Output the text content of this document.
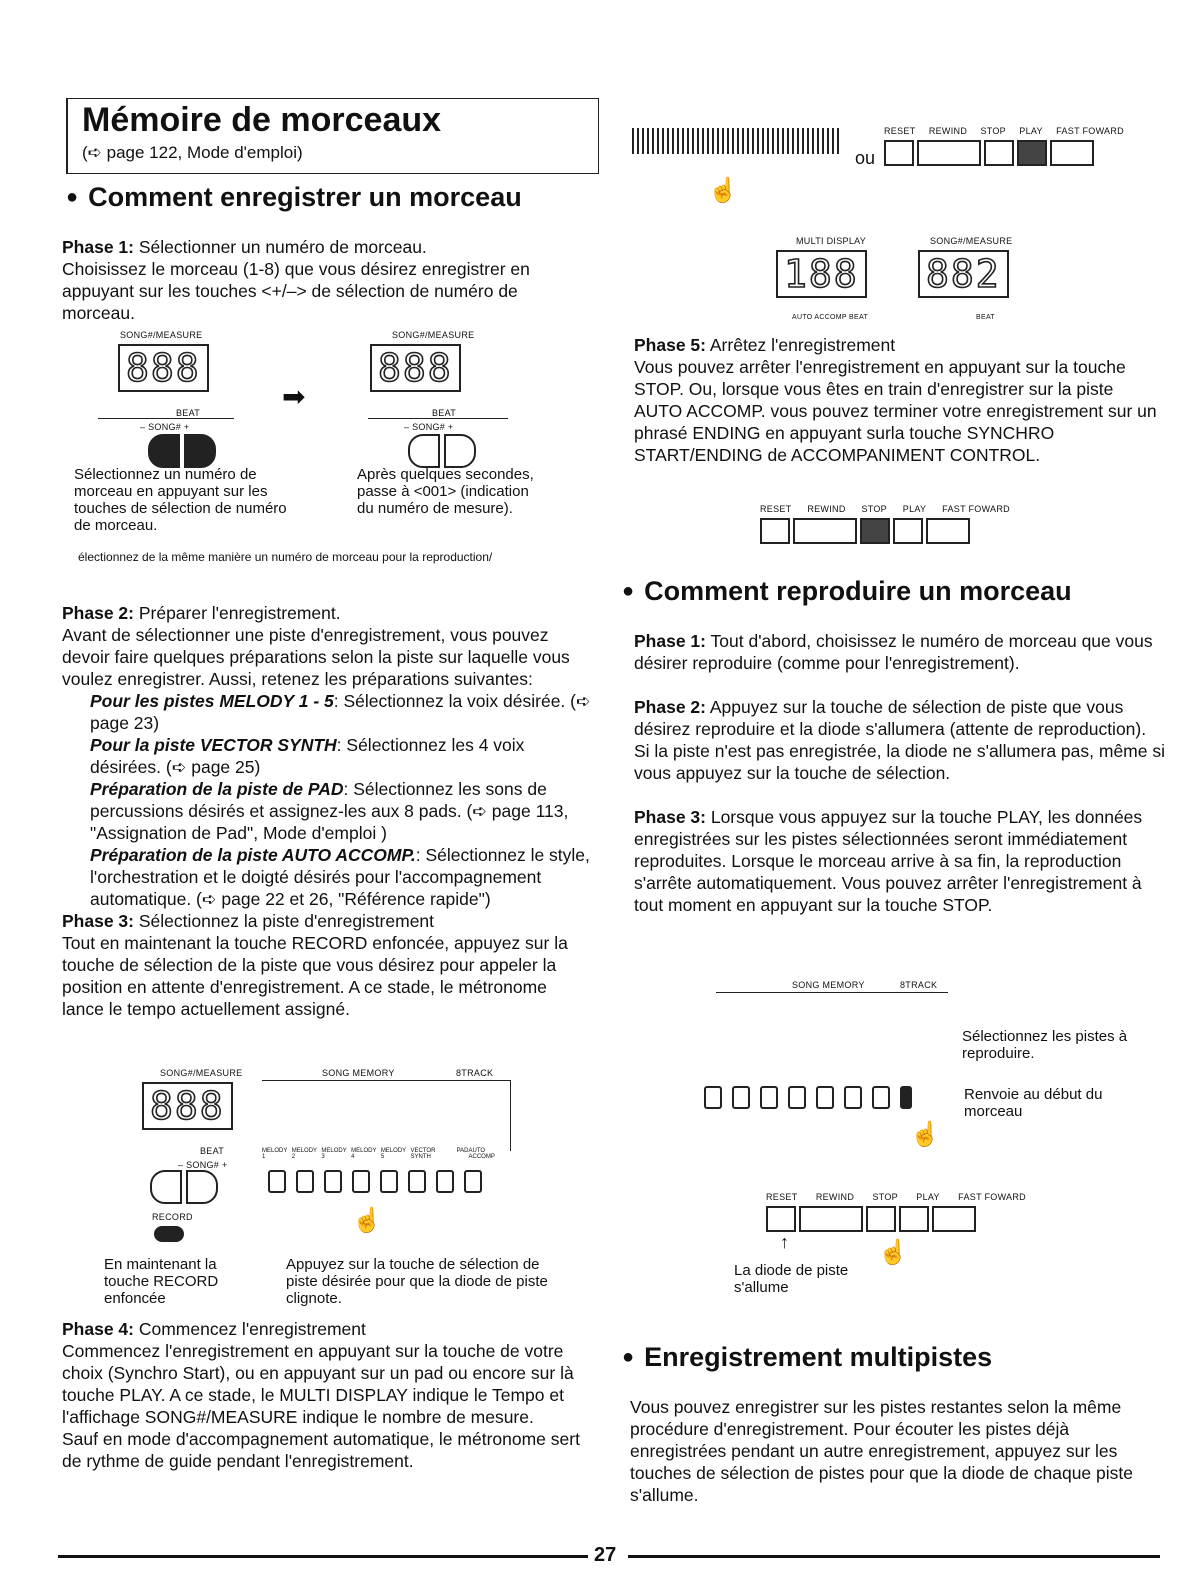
Mémoire de morceaux
(➪ page 122, Mode d'emploi)
● Comment enregistrer un morceau

Phase 1: Sélectionner un numéro de morceau.

Choisissez le morceau (1-8) que vous désirez enregistrer en appuyant sur les touches <+/–> de sélection de numéro de morceau.

SONG#/MEASURE
888
BEAT
– SONG# +
➡
SONG#/MEASURE
888
BEAT
– SONG# +
Sélectionnez un numéro de morceau en appuyant sur les touches de sélection de numéro de morceau.
Après quelques secondes, passe à <001> (indication du numéro de mesure).
électionnez de la même manière un numéro de morceau pour la reproduction/

Phase 2: Préparer l'enregistrement.

Avant de sélectionner une piste d'enregistrement, vous pouvez devoir faire quelques préparations selon la piste sur laquelle vous voulez enregistrer. Aussi, retenez les préparations suivantes:

Pour les pistes MELODY 1 - 5: Sélectionnez la voix désirée. (➪ page 23)

Pour la piste VECTOR SYNTH: Sélectionnez les 4 voix désirées. (➪ page 25)

Préparation de la piste de PAD: Sélectionnez les sons de percussions désirés et assignez-les aux 8 pads. (➪ page 113, "Assignation de Pad", Mode d'emploi )

Préparation de la piste AUTO ACCOMP.: Sélectionnez le style, l'orchestration et le doigté désirés pour l'accompagnement automatique. (➪ page 22 et 26, "Référence rapide")

Phase 3: Sélectionnez la piste d'enregistrement

Tout en maintenant la touche RECORD enfoncée, appuyez sur la touche de sélection de la piste que vous désirez pour appeler la position en attente d'enregistrement. A ce stade, le métronome lance le tempo actuellement assigné.

SONG#/MEASURE
888
BEAT
– SONG# +
SONG MEMORY	8TRACK
MELODY 1
MELODY 2
MELODY 3
MELODY 4
MELODY 5
VECTOR SYNTH
PAD AUTO ACCOMP
RECORD	☝
En maintenant la touche RECORD enfoncée
Appuyez sur la touche de sélection de piste désirée pour que la diode de piste clignote.

Phase 4: Commencez l'enregistrement

Commencez l'enregistrement en appuyant sur la touche de votre choix (Synchro Start), ou en appuyant sur un pad ou encore sur là touche PLAY. A ce stade, le MULTI DISPLAY indique le Tempo et l'affichage SONG#/MEASURE indique le nombre de mesure.

Sauf en mode d'accompagnement automatique, le métronome sert de rythme de guide pendant l'enregistrement.

ou
RESET REWIND STOP PLAY FAST FOWARD
☝
MULTI DISPLAY	SONG#/MEASURE
188 882
AUTO ACCOMP BEAT	BEAT

Phase 5: Arrêtez l'enregistrement

Vous pouvez arrêter l'enregistrement en appuyant sur la touche STOP. Ou, lorsque vous êtes en train d'enregistrer sur la piste AUTO ACCOMP. vous pouvez terminer votre enregistrement sur un phrasé ENDING en appuyant surla touche SYNCHRO START/ENDING de ACCOMPANIMENT CONTROL.

RESET REWIND STOP PLAY FAST FOWARD
● Comment reproduire un morceau

Phase 1: Tout d'abord, choisissez le numéro de morceau que vous désirer reproduire (comme pour l'enregistrement).

Phase 2: Appuyez sur la touche de sélection de piste que vous désirez reproduire et la diode s'allumera (attente de reproduction). Si la piste n'est pas enregistrée, la diode ne s'allumera pas, même si vous appuyez sur la touche de sélection.

Phase 3: Lorsque vous appuyez sur la touche PLAY, les données enregistrées sur les pistes sélectionnées seront immédiatement reproduites. Lorsque le morceau arrive à sa fin, la reproduction s'arrête automatiquement. Vous pouvez arrêter l'enregistrement à tout moment en appuyant sur la touche STOP.

SONG MEMORY	8TRACK
Sélectionnez les pistes à reproduire.
Renvoie au début du morceau
☝
RESET REWIND STOP PLAY FAST FOWARD
↑
La diode de piste s'allume
☝
● Enregistrement multipistes
Vous pouvez enregistrer sur les pistes restantes selon la même procédure d'enregistrement. Pour écouter les pistes déjà enregistrées pendant un autre enregistrement, appuyez sur les touches de sélection de pistes pour que la diode de chaque piste s'allume.
27
